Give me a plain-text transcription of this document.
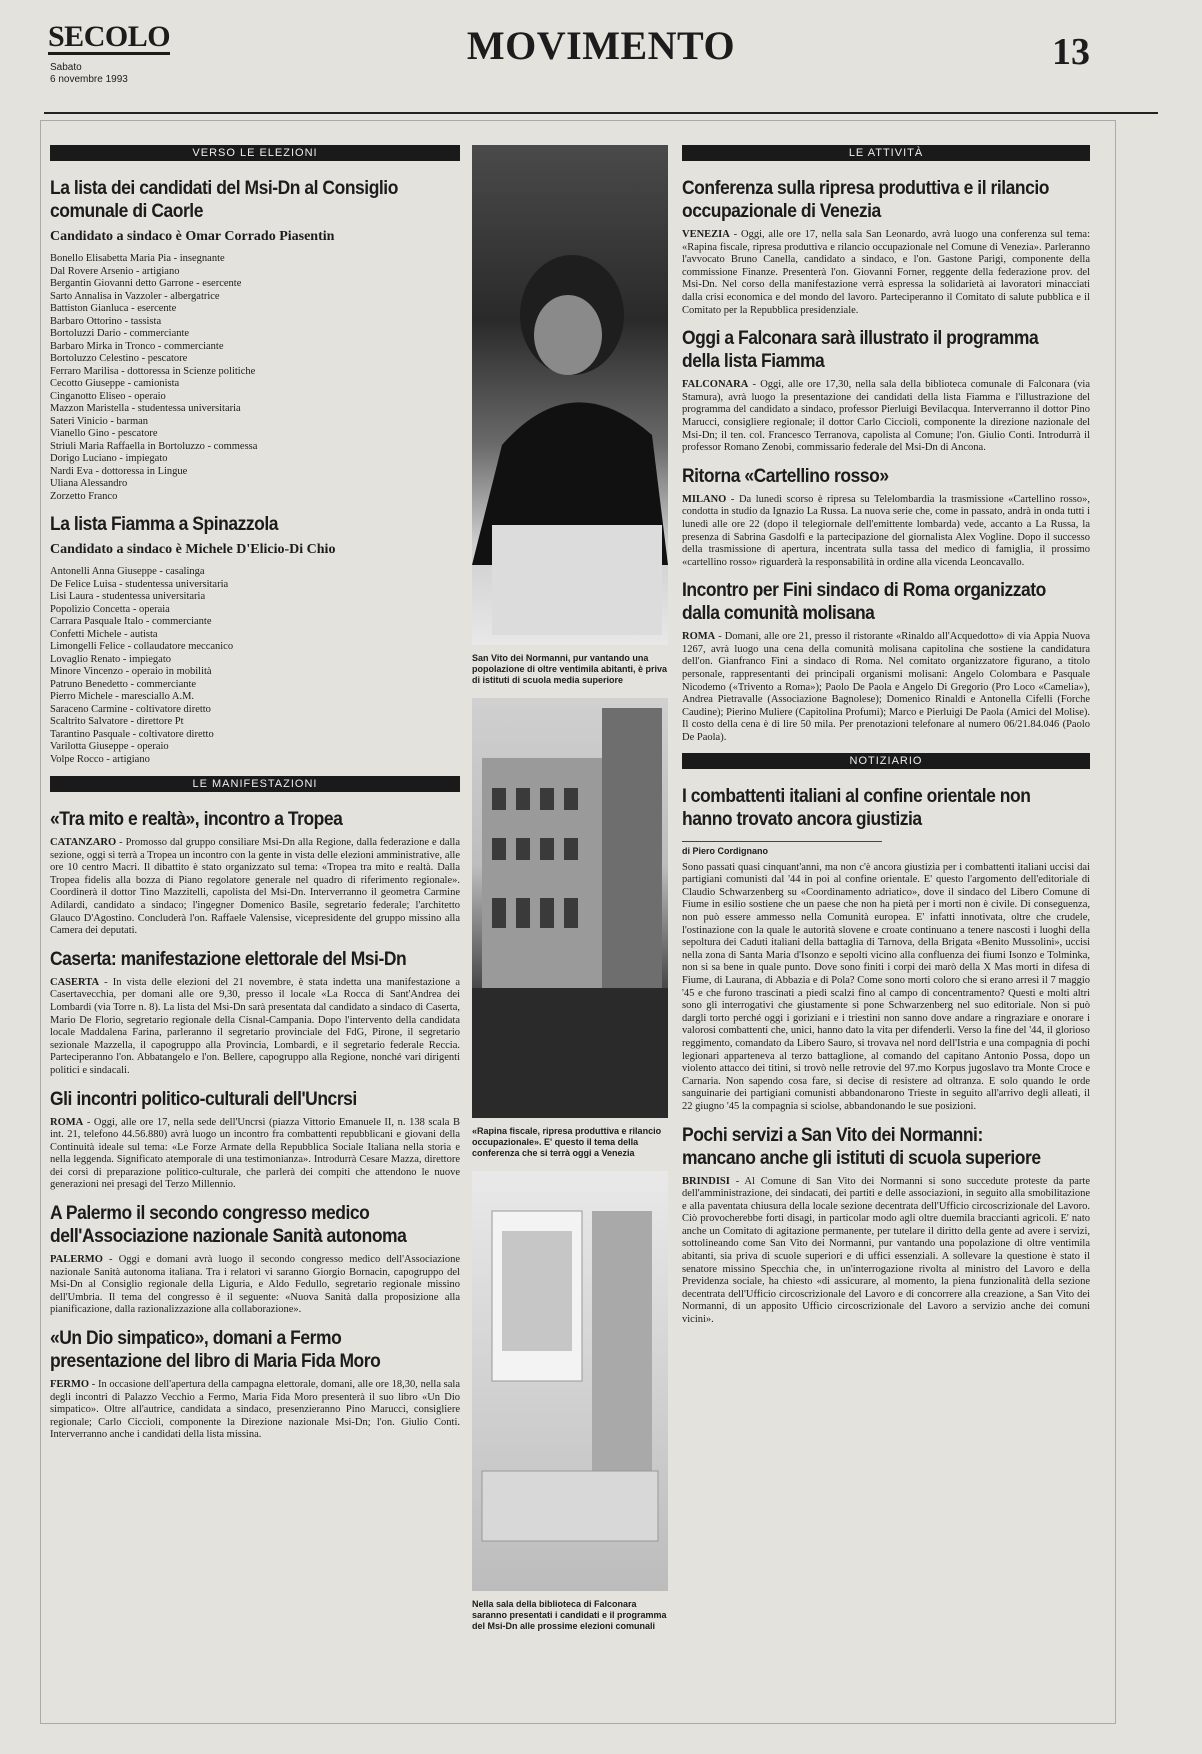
SECOLO
Sabato
6 novembre 1993
MOVIMENTO	13
VERSO LE ELEZIONI
La lista dei candidati del Msi-Dn al Consiglio comunale di Caorle
Candidato a sindaco è Omar Corrado Piasentin
Bonello Elisabetta Maria Pia - insegnante
Dal Rovere Arsenio - artigiano
Bergantin Giovanni detto Garrone - esercente
Sarto Annalisa in Vazzoler - albergatrice
Battiston Gianluca - esercente
Barbaro Ottorino - tassista
Bortoluzzi Dario - commerciante
Barbaro Mirka in Tronco - commerciante
Bortoluzzo Celestino - pescatore
Ferraro Marilisa - dottoressa in Scienze politiche
Cecotto Giuseppe - camionista
Cinganotto Eliseo - operaio
Mazzon Maristella - studentessa universitaria
Sateri Vinicio - barman
Vianello Gino - pescatore
Striuli Maria Raffaella in Bortoluzzo - commessa
Dorigo Luciano - impiegato
Nardi Eva - dottoressa in Lingue
Uliana Alessandro
Zorzetto Franco
La lista Fiamma a Spinazzola
Candidato a sindaco è Michele D'Elicio-Di Chio
Antonelli Anna Giuseppe - casalinga
De Felice Luisa - studentessa universitaria
Lisi Laura - studentessa universitaria
Popolizio Concetta - operaia
Carrara Pasquale Italo - commerciante
Confetti Michele - autista
Limongelli Felice - collaudatore meccanico
Lovaglio Renato - impiegato
Minore Vincenzo - operaio in mobilità
Patruno Benedetto - commerciante
Pierro Michele - maresciallo A.M.
Saraceno Carmine - coltivatore diretto
Scaltrito Salvatore - direttore Pt
Tarantino Pasquale - coltivatore diretto
Varilotta Giuseppe - operaio
Volpe Rocco - artigiano
LE MANIFESTAZIONI
«Tra mito e realtà», incontro a Tropea

CATANZARO - Promosso dal gruppo consiliare Msi-Dn alla Regione, dalla federazione e dalla sezione, oggi si terrà a Tropea un incontro con la gente in vista delle elezioni amministrative, alle ore 10 centro Macri. Il dibattito è stato organizzato sul tema: «Tropea tra mito e realtà. Dalla Tropea fidelis alla bozza di Piano regolatore generale nel quadro di riferimento regionale». Coordinerà il dottor Tino Mazzitelli, capolista del Msi-Dn. Interverranno il geometra Carmine Adilardi, candidato a sindaco; l'ingegner Domenico Basile, segretario federale; l'architetto Glauco D'Agostino. Concluderà l'on. Raffaele Valensise, vicepresidente del gruppo missino alla Camera dei deputati.

Caserta: manifestazione elettorale del Msi-Dn

CASERTA - In vista delle elezioni del 21 novembre, è stata indetta una manifestazione a Casertavecchia, per domani alle ore 9,30, presso il locale «La Rocca di Sant'Andrea dei Lombardi (via Torre n. 8). La lista del Msi-Dn sarà presentata dal candidato a sindaco di Caserta, Mario De Florio, segretario regionale della Cisnal-Campania. Dopo l'intervento della candidata locale Maddalena Farina, parleranno il segretario provinciale del FdG, Pirone, il segretario sezionale Mazzella, il capogruppo alla Provincia, Lombardi, e il segretario federale Reccia. Parteciperanno l'on. Abbatangelo e l'on. Bellere, capogruppo alla Regione, nonché vari dirigenti politici e sindacali.

Gli incontri politico-culturali dell'Uncrsi

ROMA - Oggi, alle ore 17, nella sede dell'Uncrsi (piazza Vittorio Emanuele II, n. 138 scala B int. 21, telefono 44.56.880) avrà luogo un incontro fra combattenti repubblicani e giovani della Continuità ideale sul tema: «Le Forze Armate della Repubblica Sociale Italiana nella storia e nella leggenda. Significato atemporale di una testimonianza». Introdurrà Cesare Mazza, direttore dei corsi di preparazione politico-culturale, che parlerà dei compiti che attendono le nuove generazioni nei presagi del Terzo Millennio.

A Palermo il secondo congresso medico dell'Associazione nazionale Sanità autonoma

PALERMO - Oggi e domani avrà luogo il secondo congresso medico dell'Associazione nazionale Sanità autonoma italiana. Tra i relatori vi saranno Giorgio Bornacin, capogruppo del Msi-Dn al Consiglio regionale della Liguria, e Aldo Fedullo, segretario regionale missino dell'Umbria. Il tema del congresso è il seguente: «Nuova Sanità dalla proposizione alla pianificazione, dalla razionalizzazione alla collaborazione».

«Un Dio simpatico», domani a Fermo presentazione del libro di Maria Fida Moro

FERMO - In occasione dell'apertura della campagna elettorale, domani, alle ore 18,30, nella sala degli incontri di Palazzo Vecchio a Fermo, Maria Fida Moro presenterà il suo libro «Un Dio simpatico». Oltre all'autrice, candidata a sindaco, presenzieranno Pino Marucci, consigliere regionale; Carlo Ciccioli, componente la Direzione nazionale Msi-Dn; l'on. Giulio Conti. Interverranno anche i candidati della lista missina.

San Vito dei Normanni, pur vantando una popolazione di oltre ventimila abitanti, è priva di istituti di scuola media superiore
«Rapina fiscale, ripresa produttiva e rilancio occupazionale». E' questo il tema della conferenza che si terrà oggi a Venezia
Nella sala della biblioteca di Falconara saranno presentati i candidati e il programma del Msi-Dn alle prossime elezioni comunali
LE ATTIVITÀ
Conferenza sulla ripresa produttiva e il rilancio occupazionale di Venezia

VENEZIA - Oggi, alle ore 17, nella sala San Leonardo, avrà luogo una conferenza sul tema: «Rapina fiscale, ripresa produttiva e rilancio occupazionale nel Comune di Venezia». Parleranno l'avvocato Bruno Canella, candidato a sindaco, e l'on. Gastone Parigi, componente della commissione Finanze. Presenterà l'on. Giovanni Forner, reggente della federazione prov. del Msi-Dn. Nel corso della manifestazione verrà espressa la solidarietà ai lavoratori minacciati dalla crisi economica e del mondo del lavoro. Parteciperanno il Comitato di salute pubblica e il Comitato per la Repubblica presidenziale.

Oggi a Falconara sarà illustrato il programma della lista Fiamma

FALCONARA - Oggi, alle ore 17,30, nella sala della biblioteca comunale di Falconara (via Stamura), avrà luogo la presentazione dei candidati della lista Fiamma e l'illustrazione del programma del candidato a sindaco, professor Pierluigi Bevilacqua. Interverranno il dottor Pino Marucci, consigliere regionale; il dottor Carlo Ciccioli, componente la direzione nazionale del Msi-Dn; il ten. col. Francesco Terranova, capolista al Comune; l'on. Giulio Conti. Introdurrà il professor Romano Zenobi, commissario federale del Msi-Dn di Ancona.

Ritorna «Cartellino rosso»

MILANO - Da lunedì scorso è ripresa su Telelombardia la trasmissione «Cartellino rosso», condotta in studio da Ignazio La Russa. La nuova serie che, come in passato, andrà in onda tutti i lunedì alle ore 22 (dopo il telegiornale dell'emittente lombarda) vede, accanto a La Russa, la presenza di Sabrina Gasdolfi e la partecipazione del giornalista Alex Vogline. Dopo il successo della trasmissione di apertura, incentrata sulla tassa del medico di famiglia, il prossimo «cartellino rosso» riguarderà la responsabilità in ordine alla vicenda Leoncavallo.

Incontro per Fini sindaco di Roma organizzato dalla comunità molisana

ROMA - Domani, alle ore 21, presso il ristorante «Rinaldo all'Acquedotto» di via Appia Nuova 1267, avrà luogo una cena della comunità molisana capitolina che sostiene la candidatura dell'on. Gianfranco Fini a sindaco di Roma. Nel comitato organizzatore figurano, a titolo personale, rappresentanti dei principali organismi molisani: Angelo Colombara e Pasquale Nicodemo («Trivento a Roma»); Paolo De Paola e Angelo Di Gregorio (Pro Loco «Camelia»), Andrea Pietravalle (Associazione Bagnolese); Domenico Rinaldi e Antonella Cifelli (Forche Caudine); Pierino Muliere (Capitolina Profumi); Marco e Pierluigi De Paola (Amici del Molise). Il costo della cena è di lire 50 mila. Per prenotazioni telefonare al numero 06/21.84.046 (Paolo De Paola).

NOTIZIARIO
I combattenti italiani al confine orientale non hanno trovato ancora giustizia
di Piero Cordignano

Sono passati quasi cinquant'anni, ma non c'è ancora giustizia per i combattenti italiani uccisi dai partigiani comunisti dal '44 in poi al confine orientale. E' questo l'argomento dell'editoriale di Claudio Schwarzenberg su «Coordinamento adriatico», dove il sindaco del Libero Comune di Fiume in esilio sostiene che un paese che non ha pietà per i morti non è civile. Di conseguenza, non può essere ammesso nella Comunità europea. E' infatti innotivata, oltre che crudele, l'ostinazione con la quale le autorità slovene e croate continuano a tenere nascosti i luoghi della sepoltura dei Caduti italiani della battaglia di Tarnova, della Brigata «Benito Mussolini», uccisi nella zona di Santa Maria d'Isonzo e sepolti vicino alla confluenza dei fiumi Isonzo e Tolminka, non si sa bene in quale punto. Dove sono finiti i corpi dei marò della X Mas morti in difesa di Fiume, di Laurana, di Abbazia e di Pola? Come sono morti coloro che si erano arresi il 7 maggio '45 e che furono trascinati a piedi scalzi fino al campo di concentramento? Questi e molti altri sono gli interrogativi che giustamente si pone Schwarzenberg nel suo editoriale. Non si può dargli torto perché oggi i goriziani e i triestini non sanno dove andare a ringraziare e onorare i valorosi combattenti che, unici, hanno dato la vita per difenderli. Verso la fine del '44, il glorioso reggimento, comandato da Libero Sauro, si trovava nel nord dell'Istria e una compagnia di pochi legionari apparteneva al terzo battaglione, al comando del capitano Antonio Possa, dopo un violento attacco dei titini, si trovò nelle retrovie del 97.mo Korpus jugoslavo tra Monte Croce e Carnaria. Non sapendo cosa fare, si decise di resistere ad oltranza. E solo quando le orde sanguinarie dei partigiani comunisti abbandonarono Trieste in seguito all'arrivo degli alleati, il 22 giugno '45 la compagnia si sciolse, abbandonando le sue posizioni.

Pochi servizi a San Vito dei Normanni: mancano anche gli istituti di scuola superiore

BRINDISI - Al Comune di San Vito dei Normanni si sono succedute proteste da parte dell'amministrazione, dei sindacati, dei partiti e delle associazioni, in seguito alla smobilitazione e alla paventata chiusura della locale sezione decentrata dell'Ufficio circoscrizionale del Lavoro. Ciò provocherebbe forti disagi, in particolar modo agli oltre duemila braccianti agricoli. E' nato anche un Comitato di agitazione permanente, per tutelare il diritto della gente ad avere i servizi, sottolineando come San Vito dei Normanni, pur vantando una popolazione di oltre ventimila abitanti, sia priva di scuole superiori e di uffici essenziali. A sollevare la questione è stato il senatore missino Specchia che, in un'interrogazione rivolta al ministro del Lavoro e della Previdenza sociale, ha chiesto «di assicurare, al momento, la piena funzionalità della sezione decentrata dell'Ufficio circoscrizionale del Lavoro e di concorrere alla creazione, a San Vito dei Normanni, di un apposito Ufficio circoscrizionale del Lavoro a servizio anche dei comuni vicini».
